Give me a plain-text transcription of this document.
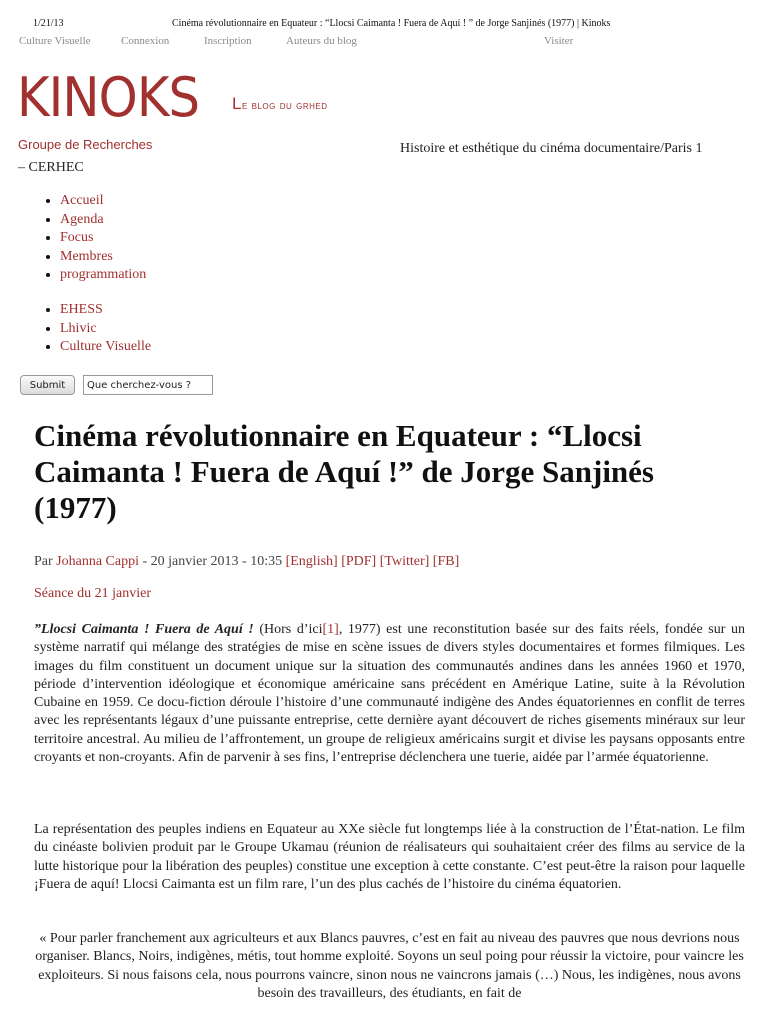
1/21/13	Cinéma révolutionnaire en Equateur : “Llocsi Caimanta ! Fuera de Aquí ! ” de Jorge Sanjinés (1977) | Kinoks
Culture Visuelle	Connexion	Inscription	Auteurs du blog	Visiter
KINOKS Le blog du grhed
Groupe de Recherches
– CERHEC
Histoire et esthétique du cinéma documentaire/Paris 1
• Accueil
• Agenda
• Focus
• Membres
• programmation
• EHESS
• Lhivic
• Culture Visuelle
Submit
Que cherchez-vous ?
Cinéma révolutionnaire en Equateur : “Llocsi Caimanta ! Fuera de Aquí !” de Jorge Sanjinés (1977)
Par Johanna Cappi - 20 janvier 2013 - 10:35 [English] [PDF] [Twitter] [FB]
Séance du 21 janvier

”Llocsi Caimanta ! Fuera de Aquí ! (Hors d’ici[1], 1977) est une reconstitution basée sur des faits réels, fondée sur un système narratif qui mélange des stratégies de mise en scène issues de divers styles documentaires et formes filmiques. Les images du film constituent un document unique sur la situation des communautés andines dans les années 1960 et 1970, période d’intervention idéologique et économique américaine sans précédent en Amérique Latine, suite à la Révolution Cubaine en 1959. Ce docu-fiction déroule l’histoire d’une communauté indigène des Andes équatoriennes en conflit de terres avec les représentants légaux d’une puissante entreprise, cette dernière ayant découvert de riches gisements minéraux sur leur territoire ancestral. Au milieu de l’affrontement, un groupe de religieux américains surgit et divise les paysans opposants entre croyants et non-croyants. Afin de parvenir à ses fins, l’entreprise déclenchera une tuerie, aidée par l’armée équatorienne.

La représentation des peuples indiens en Equateur au XXe siècle fut longtemps liée à la construction de l’État-nation. Le film du cinéaste bolivien produit par le Groupe Ukamau (réunion de réalisateurs qui souhaitaient créer des films au service de la lutte historique pour la libération des peuples) constitue une exception à cette constante. C’est peut-être la raison pour laquelle ¡Fuera de aquí! Llocsi Caimanta est un film rare, l’un des plus cachés de l’histoire du cinéma équatorien.

« Pour parler franchement aux agriculteurs et aux Blancs pauvres, c’est en fait au niveau des pauvres que nous devrions nous organiser. Blancs, Noirs, indigènes, métis, tout homme exploité. Soyons un seul poing pour réussir la victoire, pour vaincre les exploiteurs. Si nous faisons cela, nous pourrons vaincre, sinon nous ne vaincrons jamais (…) Nous, les indigènes, nous avons besoin des travailleurs, des étudiants, en fait de
